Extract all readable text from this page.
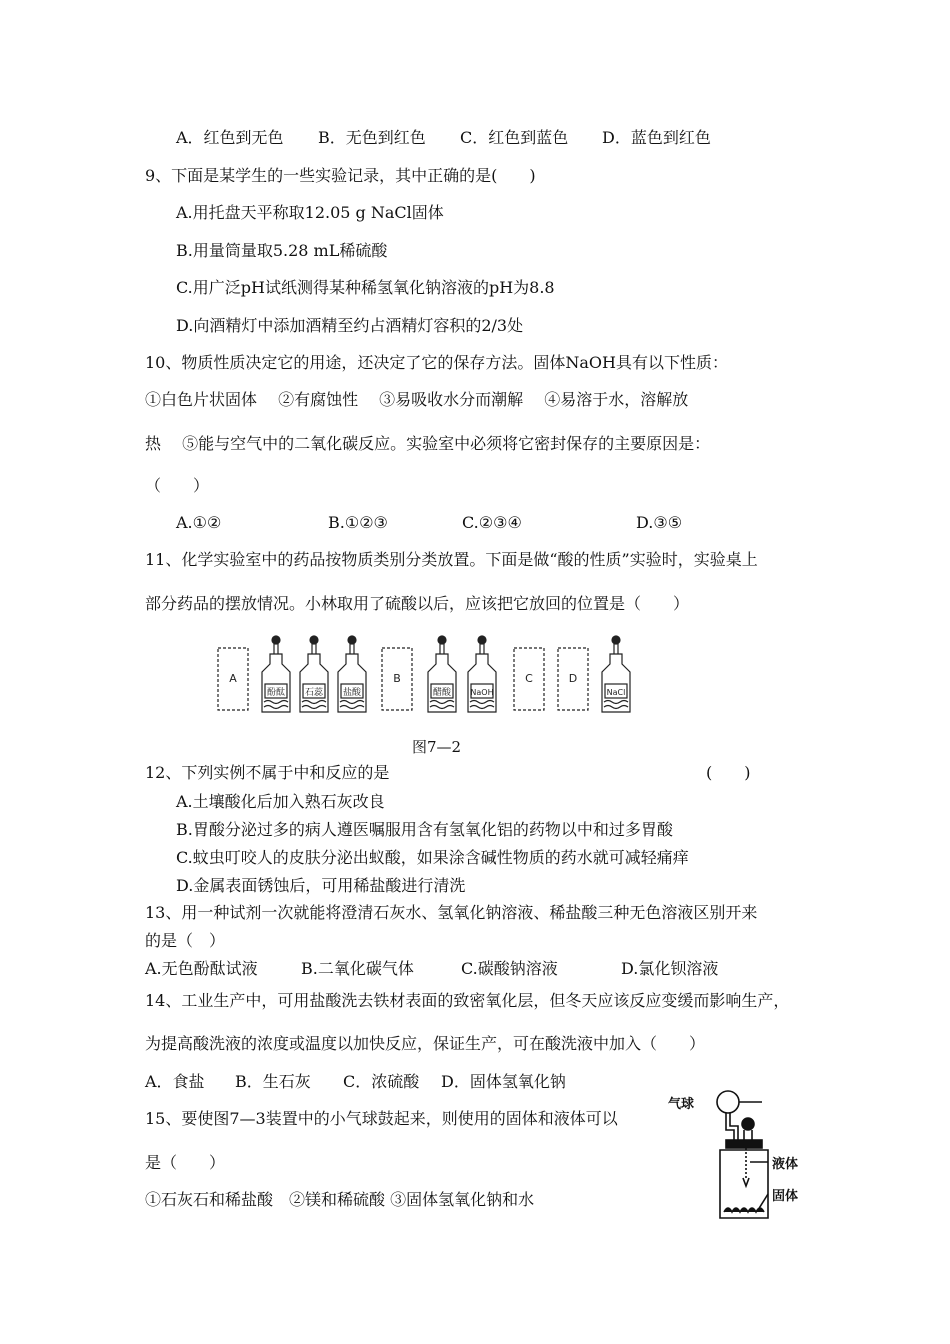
A．红色到无色 B．无色到红色 C．红色到蓝色 D．蓝色到红色
9、下面是某学生的一些实验记录，其中正确的是(　　)
A.用托盘天平称取12.05 g NaCl固体
B.用量筒量取5.28 mL稀硫酸
C.用广泛pH试纸测得某种稀氢氧化钠溶液的pH为8.8
D.向酒精灯中添加酒精至约占酒精灯容积的2/3处
10、物质性质决定它的用途，还决定了它的保存方法。固体NaOH具有以下性质：
①白色片状固体　 ②有腐蚀性　 ③易吸收水分而潮解　 ④易溶于水，溶解放
热　 ⑤能与空气中的二氧化碳反应。实验室中必须将它密封保存的主要原因是：
（　　）
A.①②	B.①②③	C.②③④	D.③⑤
11、化学实验室中的药品按物质类别分类放置。下面是做“酸的性质”实验时，实验桌上
部分药品的摆放情况。小林取用了硫酸以后，应该把它放回的位置是（　　）
A
酚酞 石蕊 盐酸
B
醋酸 NaOH
C	D
NaCl
图7—2
12、下列实例不属于中和反应的是	(　　)
A.土壤酸化后加入熟石灰改良
B.胃酸分泌过多的病人遵医嘱服用含有氢氧化铝的药物以中和过多胃酸
C.蚊虫叮咬人的皮肤分泌出蚁酸，如果涂含碱性物质的药水就可减轻痛痒
D.金属表面锈蚀后，可用稀盐酸进行清洗
13、用一种试剂一次就能将澄清石灰水、氢氧化钠溶液、稀盐酸三种无色溶液区别开来
的是（　）
A.无色酚酞试液	B.二氧化碳气体	C.碳酸钠溶液	D.氯化钡溶液
14、工业生产中，可用盐酸洗去铁材表面的致密氧化层，但冬天应该反应变缓而影响生产，
为提高酸洗液的浓度或温度以加快反应，保证生产，可在酸洗液中加入（　　）
A．食盐 B．生石灰 C．浓硫酸 D．固体氢氧化钠
15、要使图7—3装置中的小气球鼓起来，则使用的固体和液体可以
是（　　）
①石灰石和稀盐酸　②镁和稀硫酸 ③固体氢氧化钠和水
气球
液体
固体
